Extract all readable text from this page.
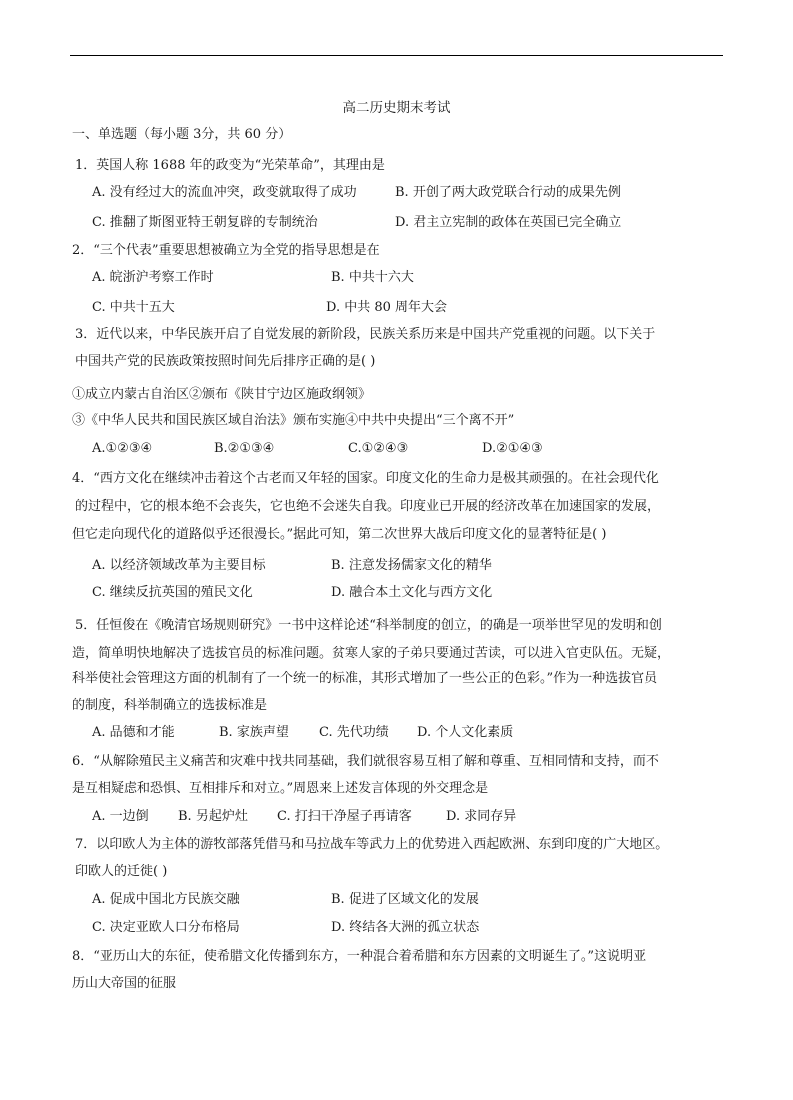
高二历史期末考试
一、单选题（每小题 3分，共 60 分）
1．英国人称 1688 年的政变为“光荣革命”，其理由是
A. 没有经过大的流血冲突，政变就取得了成功	B. 开创了两大政党联合行动的成果先例
C. 推翻了斯图亚特王朝复辟的专制统治	D. 君主立宪制的政体在英国已完全确立
2．“三个代表”重要思想被确立为全党的指导思想是在
A. 皖浙沪考察工作时	B. 中共十六大
C. 中共十五大	D. 中共 80 周年大会
3．近代以来，中华民族开启了自觉发展的新阶段，民族关系历来是中国共产党重视的问题。以下关于
中国共产党的民族政策按照时间先后排序正确的是( )
①成立内蒙古自治区②颁布《陕甘宁边区施政纲领》
③《中华人民共和国民族区域自治法》颁布实施④中共中央提出“三个离不开”
A.①②③④	B.②①③④	C.①②④③	D.②①④③
4．“西方文化在继续冲击着这个古老而又年轻的国家。印度文化的生命力是极其顽强的。在社会现代化
的过程中，它的根本绝不会丧失，它也绝不会迷失自我。印度业已开展的经济改革在加速国家的发展，
但它走向现代化的道路似乎还很漫长。”据此可知，第二次世界大战后印度文化的显著特征是( )
A. 以经济领域改革为主要目标	B. 注意发扬儒家文化的精华
C. 继续反抗英国的殖民文化	D. 融合本土文化与西方文化
5．任恒俊在《晚清官场规则研究》一书中这样论述“科举制度的创立，的确是一项举世罕见的发明和创
造，简单明快地解决了选拔官员的标准问题。贫寒人家的子弟只要通过苦读，可以进入官吏队伍。无疑，
科举使社会管理这方面的机制有了一个统一的标准，其形式增加了一些公正的色彩。”作为一种选拔官员
的制度，科举制确立的选拔标准是
A. 品德和才能	B. 家族声望 C. 先代功绩 D. 个人文化素质
6．“从解除殖民主义痛苦和灾难中找共同基础，我们就很容易互相了解和尊重、互相同情和支持，而不
是互相疑虑和恐惧、互相排斥和对立。”周恩来上述发言体现的外交理念是
A. 一边倒 B. 另起炉灶 C. 打扫干净屋子再请客	D. 求同存异
7．以印欧人为主体的游牧部落凭借马和马拉战车等武力上的优势进入西起欧洲、东到印度的广大地区。
印欧人的迁徙( )
A. 促成中国北方民族交融	B. 促进了区域文化的发展
C. 决定亚欧人口分布格局	D. 终结各大洲的孤立状态
8．“亚历山大的东征，使希腊文化传播到东方，一种混合着希腊和东方因素的文明诞生了。”这说明亚
历山大帝国的征服
